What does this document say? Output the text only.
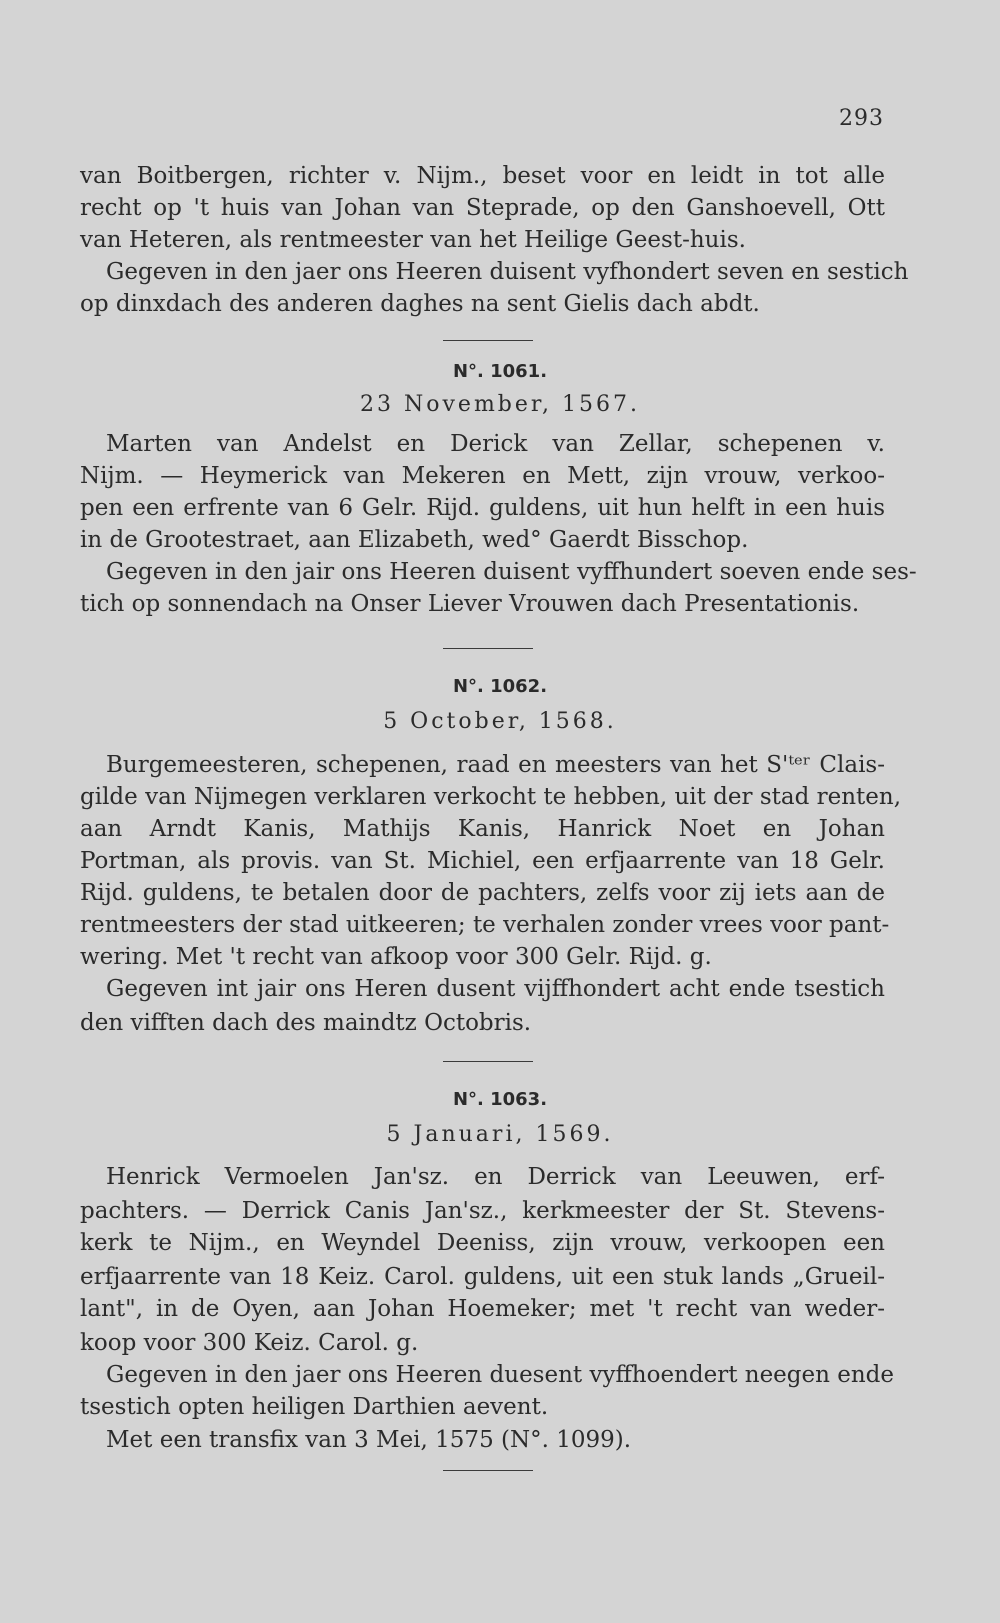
293
van Boitbergen, richter v. Nijm., beset voor en leidt in tot alle
recht op 't huis van Johan van Steprade, op den Ganshoevell, Ott
van Heteren, als rentmeester van het Heilige Geest-huis.
Gegeven in den jaer ons Heeren duisent vyfhondert seven en sestich
op dinxdach des anderen daghes na sent Gielis dach abdt.
N°. 1061.
23 November, 1567.
Marten van Andelst en Derick van Zellar, schepenen v.
Nijm. — Heymerick van Mekeren en Mett, zijn vrouw, verkoo-
pen een erfrente van 6 Gelr. Rijd. guldens, uit hun helft in een huis
in de Grootestraet, aan Elizabeth, wed° Gaerdt Bisschop.
Gegeven in den jair ons Heeren duisent vyffhundert soeven ende ses-
tich op sonnendach na Onser Liever Vrouwen dach Presentationis.
N°. 1062.
5 October, 1568.
Burgemeesteren, schepenen, raad en meesters van het S'ᵗᵉʳ Clais-
gilde van Nijmegen verklaren verkocht te hebben, uit der stad renten,
aan Arndt Kanis, Mathijs Kanis, Hanrick Noet en Johan
Portman, als provis. van St. Michiel, een erfjaarrente van 18 Gelr.
Rijd. guldens, te betalen door de pachters, zelfs voor zij iets aan de
rentmeesters der stad uitkeeren; te verhalen zonder vrees voor pant-
wering. Met 't recht van afkoop voor 300 Gelr. Rijd. g.
Gegeven int jair ons Heren dusent vijffhondert acht ende tsestich
den vifften dach des maindtz Octobris.
N°. 1063.
5 Januari, 1569.
Henrick Vermoelen Jan'sz. en Derrick van Leeuwen, erf-
pachters. — Derrick Canis Jan'sz., kerkmeester der St. Stevens-
kerk te Nijm., en Weyndel Deeniss, zijn vrouw, verkoopen een
erfjaarrente van 18 Keiz. Carol. guldens, uit een stuk lands „Grueil-
lant", in de Oyen, aan Johan Hoemeker; met 't recht van weder-
koop voor 300 Keiz. Carol. g.
Gegeven in den jaer ons Heeren duesent vyffhoendert neegen ende
tsestich opten heiligen Darthien aevent.
Met een transfix van 3 Mei, 1575 (N°. 1099).
